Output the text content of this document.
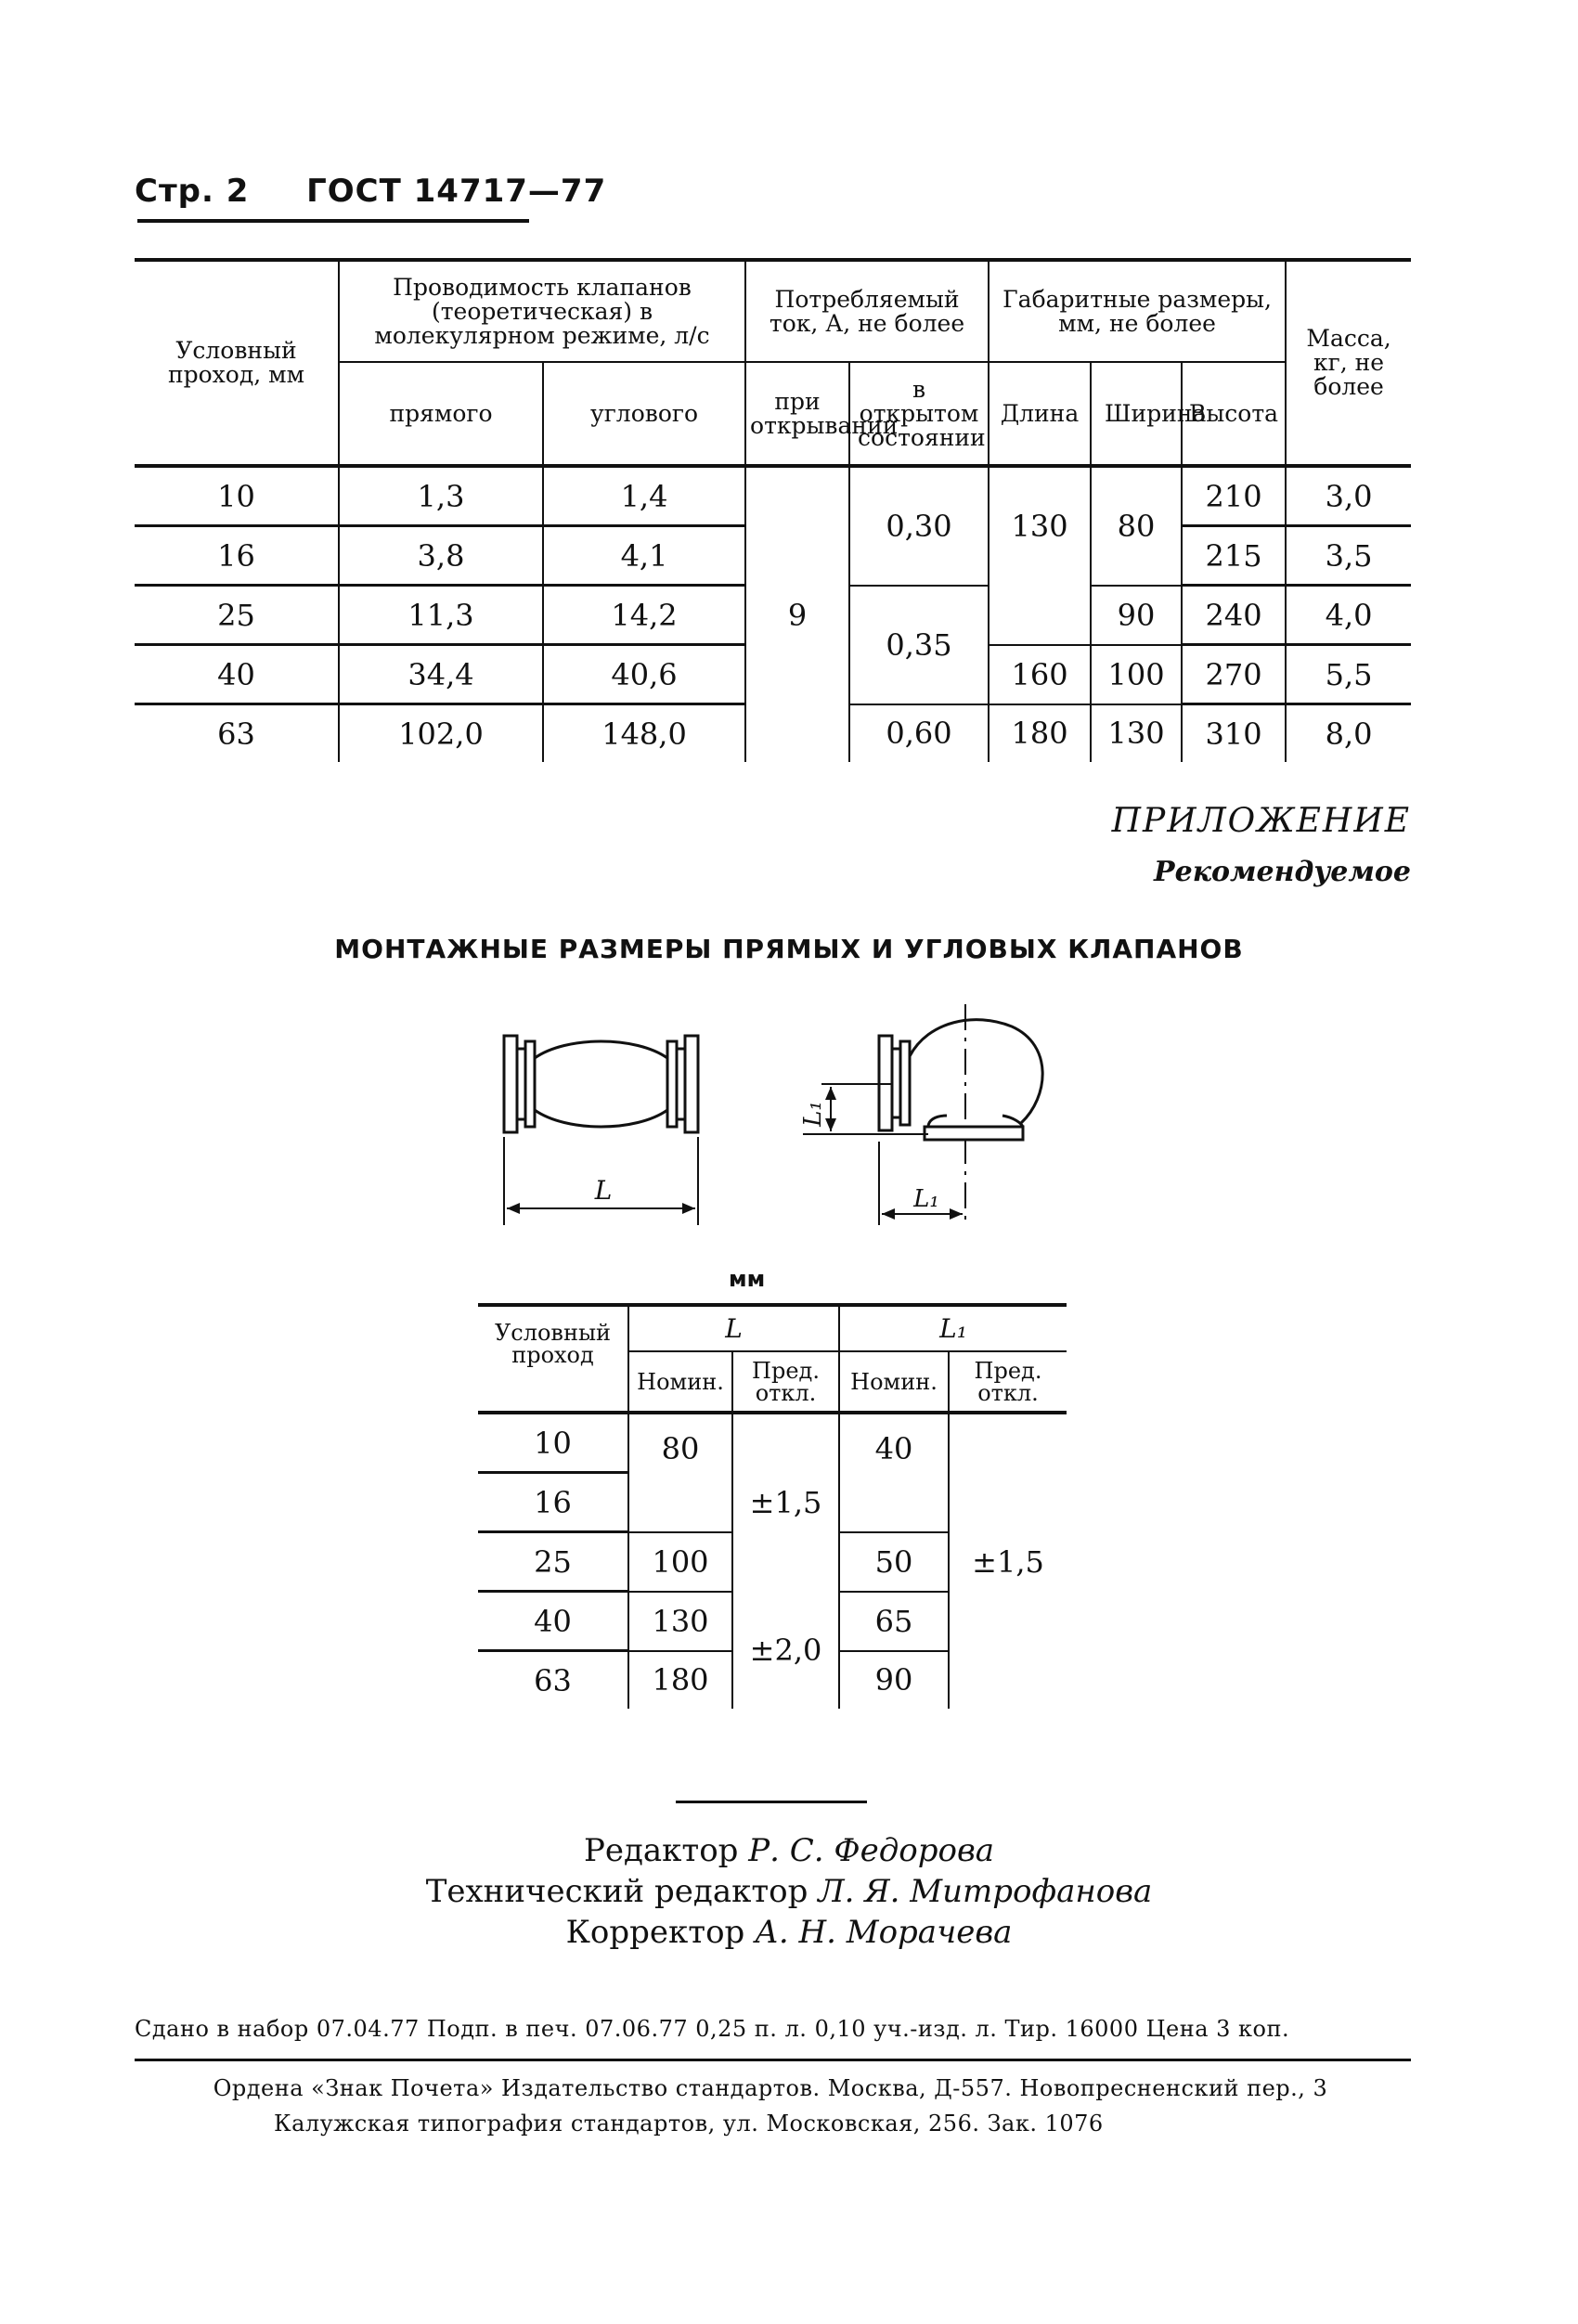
Стр. 2 ГОСТ 14717—77
Условный проход, мм	Проводимость клапанов (теоретическая) в молекулярном режиме, л/с		Потребляемый ток, А, не более		Габаритные размеры, мм, не более			Масса, кг, не более
	прямого	углового	при открывании	в открытом состоянии	Длина	Ширина	Высота	
10	1,3	1,4	9	0,30	130	80	210	3,0
16	3,8	4,1					215	3,5
25	11,3	14,2		0,35		90	240	4,0
40	34,4	40,6			160	100	270	5,5
63	102,0	148,0		0,60	180	130	310	8,0
ПРИЛОЖЕНИЕ
Рекомендуемое
МОНТАЖНЫЕ РАЗМЕРЫ ПРЯМЫХ И УГЛОВЫХ КЛАПАНОВ
L
L₁
L₁
мм
Условный проход	L		L₁	
	Номин.	Пред. откл.	Номин.	Пред. откл.
10	80	±1,5	40	±1,5
16				
25	100		50	
40	130	±2,0	65	
63	180		90	
Редактор Р. С. Федорова
Технический редактор Л. Я. Митрофанова
Корректор А. Н. Морачева
Сдано в набор 07.04.77 Подп. в печ. 07.06.77 0,25 п. л. 0,10 уч.-изд. л. Тир. 16000 Цена 3 коп.
Ордена «Знак Почета» Издательство стандартов. Москва, Д-557. Новопресненский пер., 3
Калужская типография стандартов, ул. Московская, 256. Зак. 1076
